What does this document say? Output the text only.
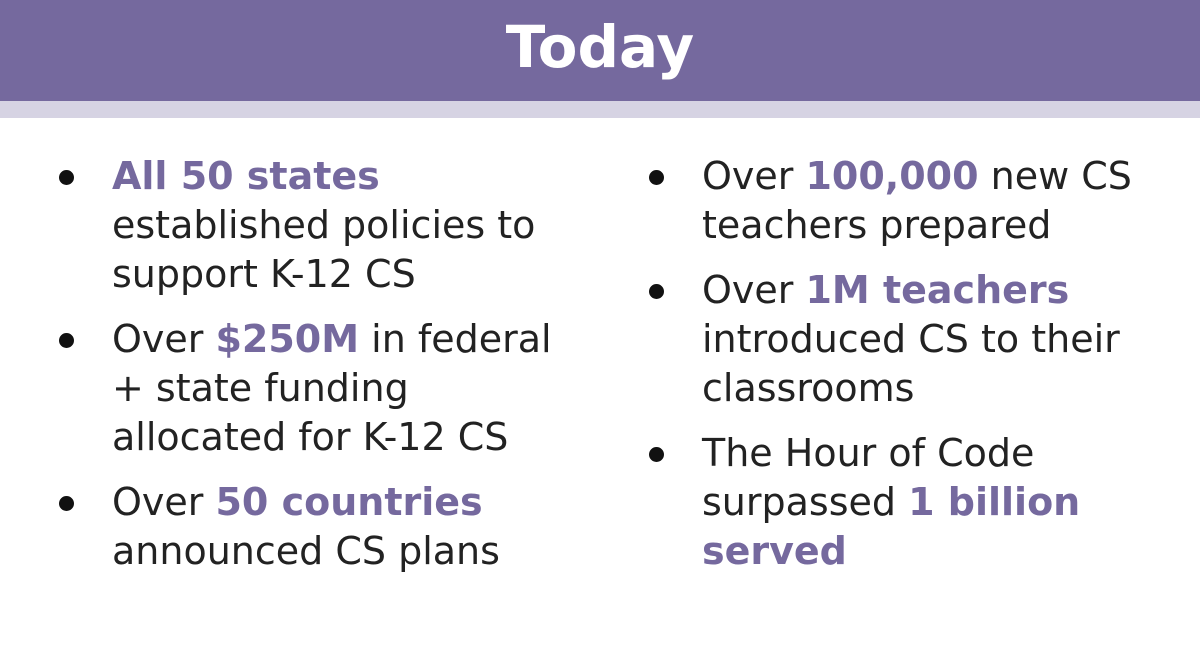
Today
All 50 states established policies to support K-12 CS
Over $250M in federal + state funding allocated for K-12 CS
Over 50 countries announced CS plans
Over 100,000 new CS teachers prepared
Over 1M teachers introduced CS to their classrooms
The Hour of Code surpassed 1 billion served
